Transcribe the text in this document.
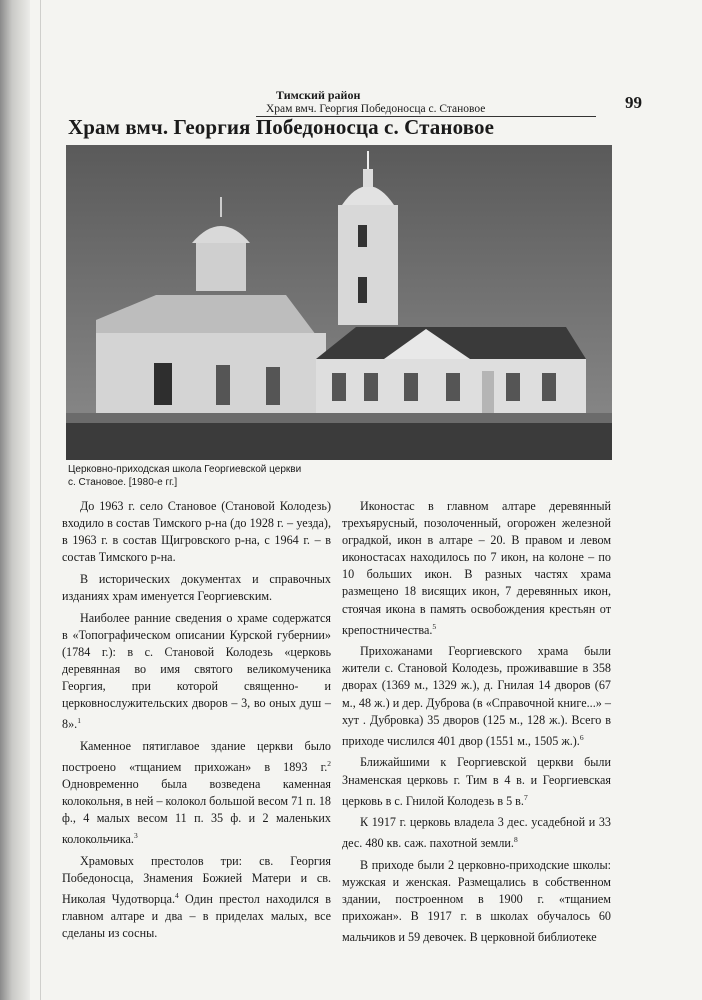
Тимский район
Храм вмч. Георгия Победоносца с. Становое	99
Храм вмч. Георгия Победоносца с. Становое
Церковно-приходская школа Георгиевской церкви
с. Становое. [1980-е гг.]

До 1963 г. село Становое (Становой Колодезь) входило в состав Тимского р-на (до 1928 г. – уезда), в 1963 г. в состав Щигровского р-на, с 1964 г. – в состав Тимского р-на.

В исторических документах и справочных изданиях храм именуется Георгиевским.

Наиболее ранние сведения о храме содержатся в «Топографическом описании Курской губернии» (1784 г.): в с. Становой Колодезь «церковь деревянная во имя святого великомученика Георгия, при которой священно- и церковнослужительских дворов – 3, во оных душ – 8».$^1$

Каменное пятиглавое здание церкви было построено «тщанием прихожан» в 1893 г.$^2$ Одновременно была возведена каменная колокольня, в ней – колокол большой весом 71 п. 18 ф., 4 малых весом 11 п. 35 ф. и 2 маленьких колокольчика.$^3$

Храмовых престолов три: св. Георгия Победоносца, Знамения Божией Матери и св. Николая Чудотворца.$^4$ Один престол находился в главном алтаре и два – в приделах малых, все сделаны из сосны.

Иконостас в главном алтаре деревянный трехъярусный, позолоченный, огорожен железной оградкой, икон в алтаре – 20. В правом и левом иконостасах находилось по 7 икон, на колоне – по 10 больших икон. В разных частях храма размещено 18 висящих икон, 7 деревянных икон, стоячая икона в память освобождения крестьян от крепостничества.$^5$

Прихожанами Георгиевского храма были жители с. Становой Колодезь, проживавшие в 358 дворах (1369 м., 1329 ж.), д. Гнилая 14 дворов (67 м., 48 ж.) и дер. Дуброва (в «Справочной книге...» – хут . Дубровка) 35 дворов (125 м., 128 ж.). Всего в приходе числился 401 двор (1551 м., 1505 ж.).$^6$

Ближайшими к Георгиевской церкви были Знаменская церковь г. Тим в 4 в. и Георгиевская церковь в с. Гнилой Колодезь в 5 в.$^7$

К 1917 г. церковь владела 3 дес. усадебной и 33 дес. 480 кв. саж. пахотной земли.$^8$

В приходе были 2 церковно-приходские школы: мужская и женская. Размещались в собственном здании, построенном в 1900 г. «тщанием прихожан». В 1917 г. в школах обучалось 60 мальчиков и 59 девочек. В церковной библиотеке
